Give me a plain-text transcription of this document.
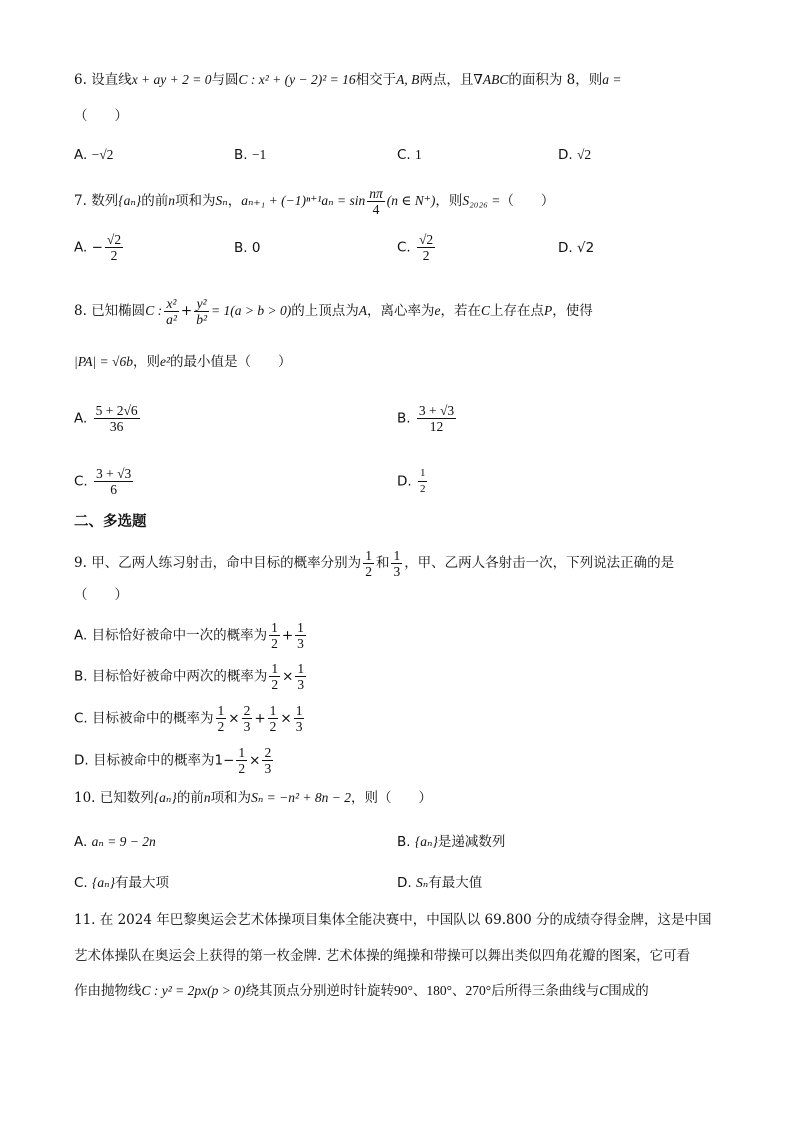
6. 设直线x + ay + 2 = 0与圆C : x² + (y − 2)² = 16相交于A, B两点，且∇ABC的面积为 8，则a =
（　　）
A. −√2	B. −1	C. 1	D. √2
7. 数列{aₙ}的前n项和为Sₙ，$a_{n+1} + (-1)^{n+1}a_n = \sin \frac{n\pi}{4} (n$ ∈ N⁺)，则S₂₀₂₆ =（　　）
A. − $\frac{√2}{2}$	B. 0	C. $\frac{√2}{2}$	D. √2
8. 已知椭圆C : $\frac{\text{x²}}{\text{a²}} + \frac{\text{y²}}{\text{b²}} = 1(a > b > 0)$的上顶点为A，离心率为e，若在C上存在点P，使得
|PA| = √6b，则e²的最小值是（　　）
A. $\frac{5 + 2√6}{36}$	B. $\frac{3 + √3}{12}$
C. $\frac{3 + √3}{6}$	D. $\frac{1}{2}$
二、多选题
9. 甲、乙两人练习射击，命中目标的概率分别为 $\frac{1}{2}$ 和 $\frac{1}{3}$ ，甲、乙两人各射击一次，下列说法正确的是
（　　）
A. 目标恰好被命中一次的概率为 $\frac{1}{2} + \frac{1}{3}$
B. 目标恰好被命中两次的概率为 $\frac{1}{2} \times \frac{1}{3}$
C. 目标被命中的概率为 $\frac{1}{2} \times \frac{2}{3} + \frac{1}{2} \times \frac{1}{3}$
D. 目标被命中的概率为$1- \frac{1}{2} \times \frac{2}{3}$
10. 已知数列{aₙ}的前n项和为Sₙ = −n² + 8n − 2，则（　　）
A. aₙ = 9 − 2n	B. {aₙ}是递减数列
C. {aₙ}有最大项	D. Sₙ有最大值
11. 在 2024 年巴黎奥运会艺术体操项目集体全能决赛中，中国队以 69.800 分的成绩夺得金牌，这是中国
艺术体操队在奥运会上获得的第一枚金牌. 艺术体操的绳操和带操可以舞出类似四角花瓣的图案，它可看
作由抛物线C : y² = 2px(p > 0)绕其顶点分别逆时针旋转90°、180°、270°后所得三条曲线与C围成的
